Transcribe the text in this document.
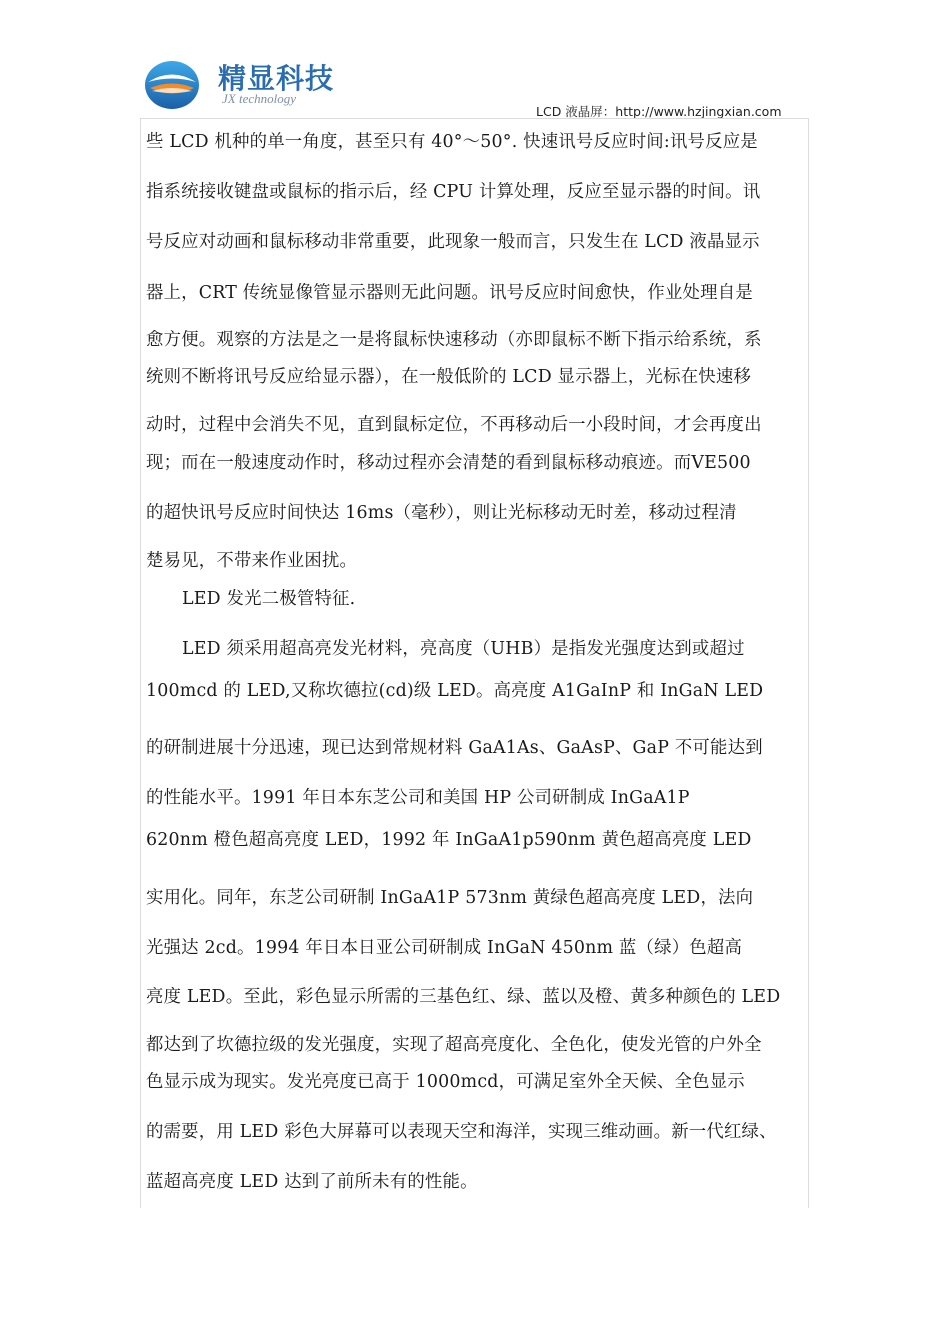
精显科技
JX technology
LCD 液晶屏：http://www.hzjingxian.com
些 LCD 机种的单一角度，甚至只有 40°～50°. 快速讯号反应时间:讯号反应是
指系统接收键盘或鼠标的指示后，经 CPU 计算处理，反应至显示器的时间。讯
号反应对动画和鼠标移动非常重要，此现象一般而言，只发生在 LCD 液晶显示
器上，CRT 传统显像管显示器则无此问题。讯号反应时间愈快，作业处理自是
愈方便。观察的方法是之一是将鼠标快速移动（亦即鼠标不断下指示给系统，系
统则不断将讯号反应给显示器），在一般低阶的 LCD 显示器上，光标在快速移
动时，过程中会消失不见，直到鼠标定位，不再移动后一小段时间，才会再度出
现；而在一般速度动作时，移动过程亦会清楚的看到鼠标移动痕迹。而VE500
的超快讯号反应时间快达 16ms（毫秒），则让光标移动无时差，移动过程清
楚易见，不带来作业困扰。
LED 发光二极管特征.
LED 须采用超高亮发光材料，亮高度（UHB）是指发光强度达到或超过
100mcd 的 LED,又称坎德拉(cd)级 LED。高亮度 A1GaInP 和 InGaN LED
的研制进展十分迅速，现已达到常规材料 GaA1As、GaAsP、GaP 不可能达到
的性能水平。1991 年日本东芝公司和美国 HP 公司研制成 InGaA1P
620nm 橙色超高亮度 LED，1992 年 InGaA1p590nm 黄色超高亮度 LED
实用化。同年，东芝公司研制 InGaA1P 573nm 黄绿色超高亮度 LED，法向
光强达 2cd。1994 年日本日亚公司研制成 InGaN 450nm 蓝（绿）色超高
亮度 LED。至此，彩色显示所需的三基色红、绿、蓝以及橙、黄多种颜色的 LED
都达到了坎德拉级的发光强度，实现了超高亮度化、全色化，使发光管的户外全
色显示成为现实。发光亮度已高于 1000mcd，可满足室外全天候、全色显示
的需要，用 LED 彩色大屏幕可以表现天空和海洋，实现三维动画。新一代红绿、
蓝超高亮度 LED 达到了前所未有的性能。
